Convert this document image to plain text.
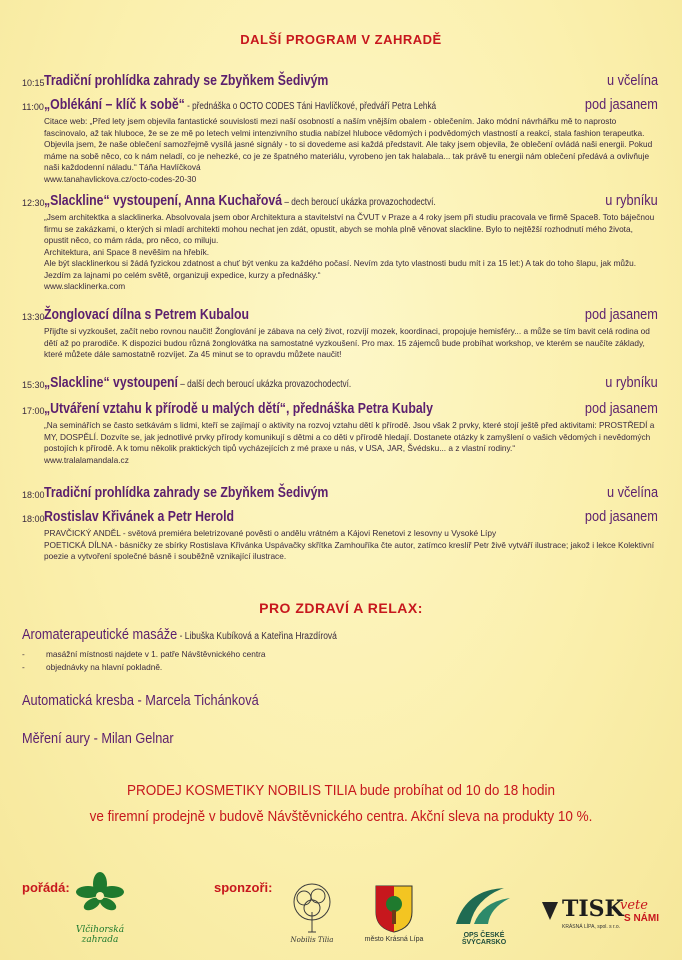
DALŠÍ PROGRAM V ZAHRADĚ
10:15 Tradiční prohlídka zahrady se Zbyňkem Šedivým	u včelína
11:00 „Oblékání – klíč k sobě“ - přednáška o OCTO CODES Táni Havlíčkové, předváří Petra Lehká	pod jasanem

Citace web: „Před lety jsem objevila fantastické souvislosti mezi naší osobností a naším vnějším obalem - oblečením. Jako módní návrhářku mě to naprosto fascinovalo, až tak hluboce, že se ze mě po letech velmi intenzivního studia nabízel hluboce vědomých i podvědomých vlastností a reakcí, stala fashion terapeutka. Objevila jsem, že naše oblečení samozřejmě vysílá jasné signály - to si dovedeme asi každá představit. Ale taky jsem objevila, že oblečení ovládá naši energii. Pokud máme na sobě něco, co k nám neladí, co je nehezké, co je ze špatného materiálu, vyrobeno jen tak halabala... tak právě tu energii nám oblečení předává a ovlivňuje naši každodenní náladu.“ Táňa Havlíčková

www.tanahavlickova.cz/octo-codes-20-30

12:30 „Slackline“ vystoupení, Anna Kuchařová – dech beroucí ukázka provazochodectví.	u rybníku

„Jsem architektka a slacklinerka. Absolvovala jsem obor Architektura a stavitelství na ČVUT v Praze a 4 roky jsem při studiu pracovala ve firmě Space8. Toto báječnou firmu se zakázkami, o kterých si mladí architekti mohou nechat jen zdát, opustit, abych se mohla plně věnovat slackline. Bylo to nejtěžší rozhodnutí mého života, opustit něco, co mám ráda, pro něco, co miluju.

Architektura, ani Space 8 nevěšim na hřebík.

Ale být slacklinerkou si žádá fyzickou zdatnost a chuť být venku za každého počasí. Nevím zda tyto vlastnosti budu mít i za 15 let:) A tak do toho šlapu, jak můžu. Jezdím za lajnami po celém světě, organizuji expedice, kurzy a přednášky.“

www.slacklinerka.com

13:30 Žonglovací dílna s Petrem Kubalou	pod jasanem

Přijďte si vyzkoušet, začít nebo rovnou naučit! Žonglování je zábava na celý život, rozvíjí mozek, koordinaci, propojuje hemisféry... a může se tím bavit celá rodina od dětí až po prarodiče. K dispozici budou různá žonglovátka na samostatné vyzkoušení. Pro max. 15 zájemců bude probíhat workshop, ve kterém se naučíte základy, které můžete dále samostatně rozvíjet. Za 45 minut se to opravdu můžete naučit!

15:30 „Slackline“ vystoupení – další dech beroucí ukázka provazochodectví.	u rybníku
17:00 „Utváření vztahu k přírodě u malých dětí“, přednáška Petra Kubaly	pod jasanem

„Na seminářích se často setkávám s lidmi, kteří se zajímají o aktivity na rozvoj vztahu dětí k přírodě. Jsou však 2 prvky, které stojí ještě před aktivitami: PROSTŘEDÍ a MY, DOSPĚLÍ. Dozvíte se, jak jednotlivé prvky přírody komunikují s dětmi a co děti v přírodě hledají. Dostanete otázky k zamyšlení o vašich vědomých i nevědomých postojích k přírodě. A k tomu několik praktických tipů vycházejících z mé praxe u nás, v USA, JAR, Švédsku... a z vlastní rodiny.“

www.tralalamandala.cz

18:00 Tradiční prohlídka zahrady se Zbyňkem Šedivým	u včelína
18:00 Rostislav Křivánek a Petr Herold	pod jasanem

PRAVČICKÝ ANDĚL - světová premiéra beletrizované pověsti o andělu vrátném a Kájovi Renetovi z lesovny u Vysoké Lípy

POETICKÁ DÍLNA - básničky ze sbírky Rostislava Křivánka Uspávačky skřítka Zamhouříka čte autor, zatímco kreslíř Petr živě vytváří ilustrace; jakož i lekce Kolektivní poezie a vytvoření společné básně i souběžně vznikající ilustrace.

PRO ZDRAVÍ A RELAX:
Aromaterapeutické masáže - Libuška Kubíková a Kateřina Hrazdírová
-	masážní místnosti najdete v 1. patře Návštěvnického centra
-	objednávky na hlavní pokladně.
Automatická kresba - Marcela Tichánková
Měření aury - Milan Gelnar
PRODEJ KOSMETIKY NOBILIS TILIA bude probíhat od 10 do 18 hodin
ve firemní prodejně v budově Návštěvnického centra. Akční sleva na produkty 10 %.
pořádá:
Vlčihorská zahrada
sponzoři:
Nobilis Tilia	město Krásná Lípa
OPS ČESKÉ ŠVÝCARSKO
TISK
vete
S NÁMI
KRÁSNÁ LÍPA, spol. s r.o.
